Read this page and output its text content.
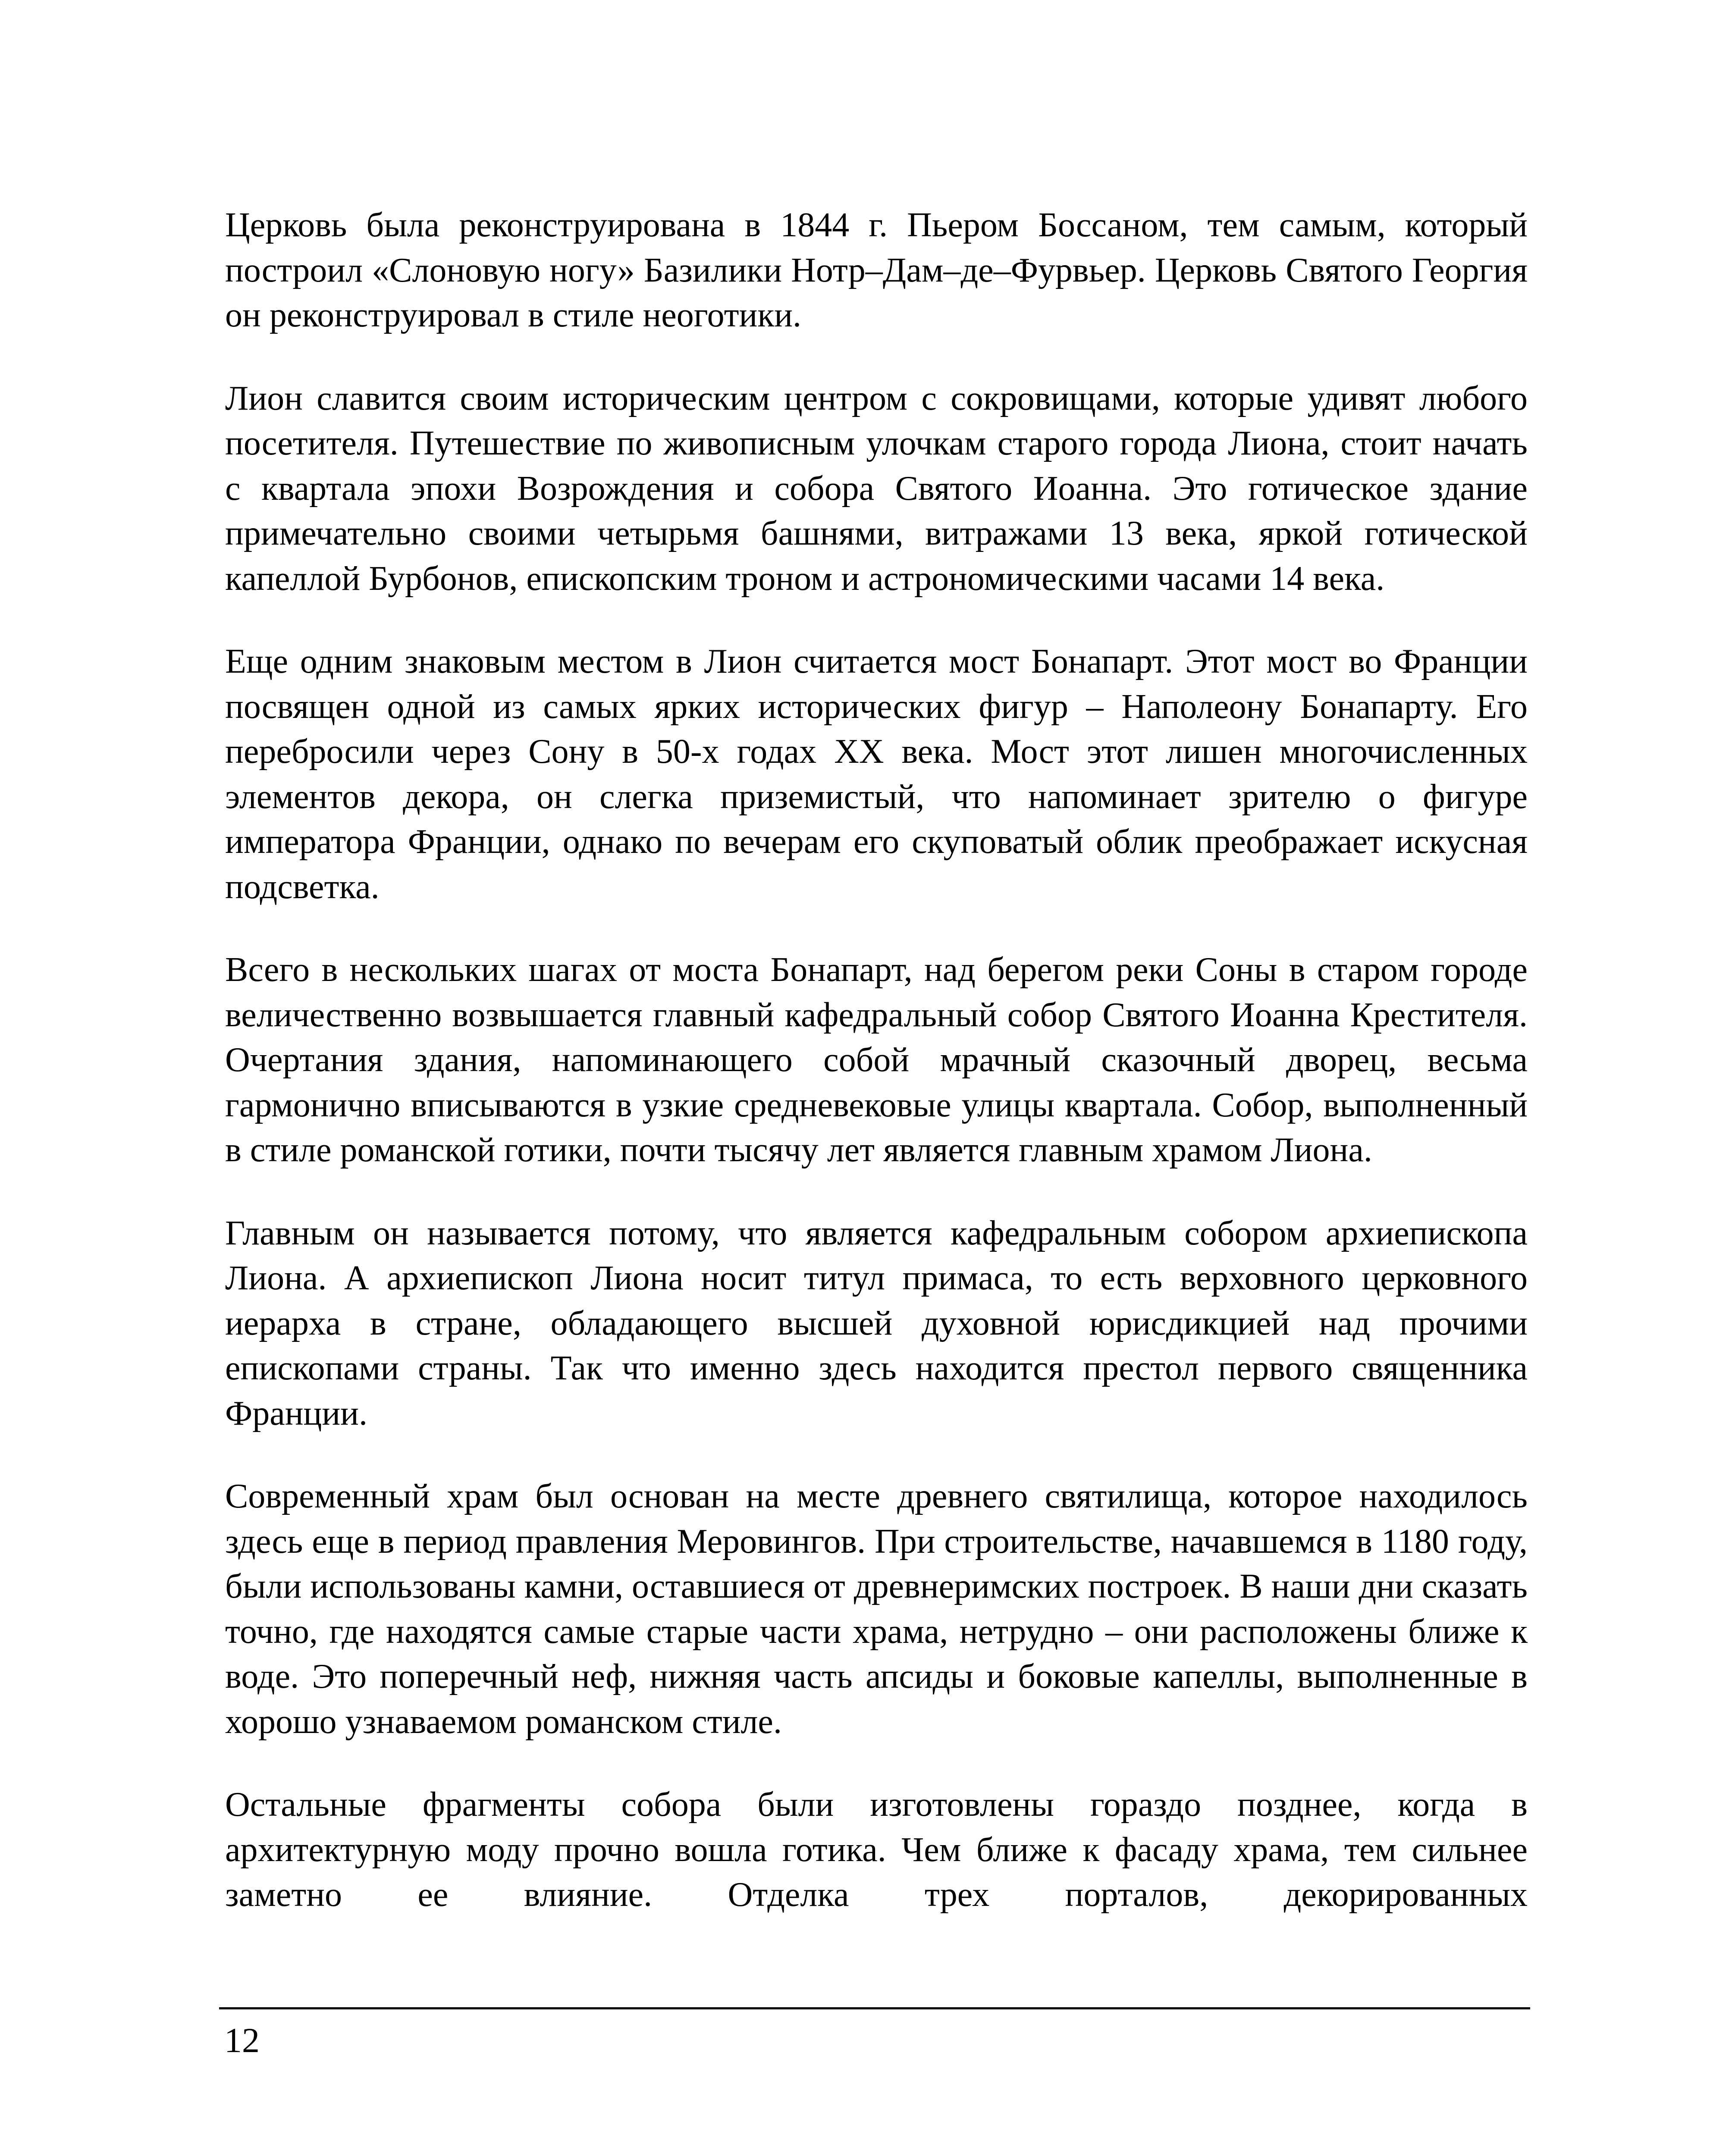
Церковь была реконструирована в 1844 г. Пьером Боссаном, тем самым, который построил «Слоновую ногу» Базилики Нотр–Дам–де–Фурвьер. Церковь Святого Георгия он реконструировал в стиле неоготики.

Лион славится своим историческим центром с сокровищами, которые удивят любого посетителя. Путешествие по живописным улочкам старого города Лиона, стоит начать с квартала эпохи Возрождения и собора Святого Иоанна. Это готическое здание примечательно своими четырьмя башнями, витражами 13 века, яркой готической капеллой Бурбонов, епископским троном и астрономическими часами 14 века.

Еще одним знаковым местом в Лион считается мост Бонапарт. Этот мост во Франции посвящен одной из самых ярких исторических фигур – Наполеону Бонапарту. Его перебросили через Сону в 50-х годах XX века. Мост этот лишен многочисленных элементов декора, он слегка приземистый, что напоминает зрителю о фигуре императора Франции, однако по вечерам его скуповатый облик преображает искусная подсветка.

Всего в нескольких шагах от моста Бонапарт, над берегом реки Соны в старом городе величественно возвышается главный кафедральный собор Святого Иоанна Крестителя. Очертания здания, напоминающего собой мрачный сказочный дворец, весьма гармонично вписываются в узкие средневековые улицы квартала. Собор, выполненный в стиле романской готики, почти тысячу лет является главным храмом Лиона.

Главным он называется потому, что является кафедральным собором архиепископа Лиона. А архиепископ Лиона носит титул примаса, то есть верховного церковного иерарха в стране, обладающего высшей духовной юрисдикцией над прочими епископами страны. Так что именно здесь находится престол первого священника Франции.

Современный храм был основан на месте древнего святилища, которое находилось здесь еще в период правления Меровингов. При строительстве, начавшемся в 1180 году, были использованы камни, оставшиеся от древнеримских построек. В наши дни сказать точно, где находятся самые старые части храма, нетрудно – они расположены ближе к воде. Это поперечный неф, нижняя часть апсиды и боковые капеллы, выполненные в хорошо узнаваемом романском стиле.

Остальные фрагменты собора были изготовлены гораздо позднее, когда в архитектурную моду прочно вошла готика. Чем ближе к фасаду храма, тем сильнее заметно ее влияние. Отделка трех порталов, декорированных

12
